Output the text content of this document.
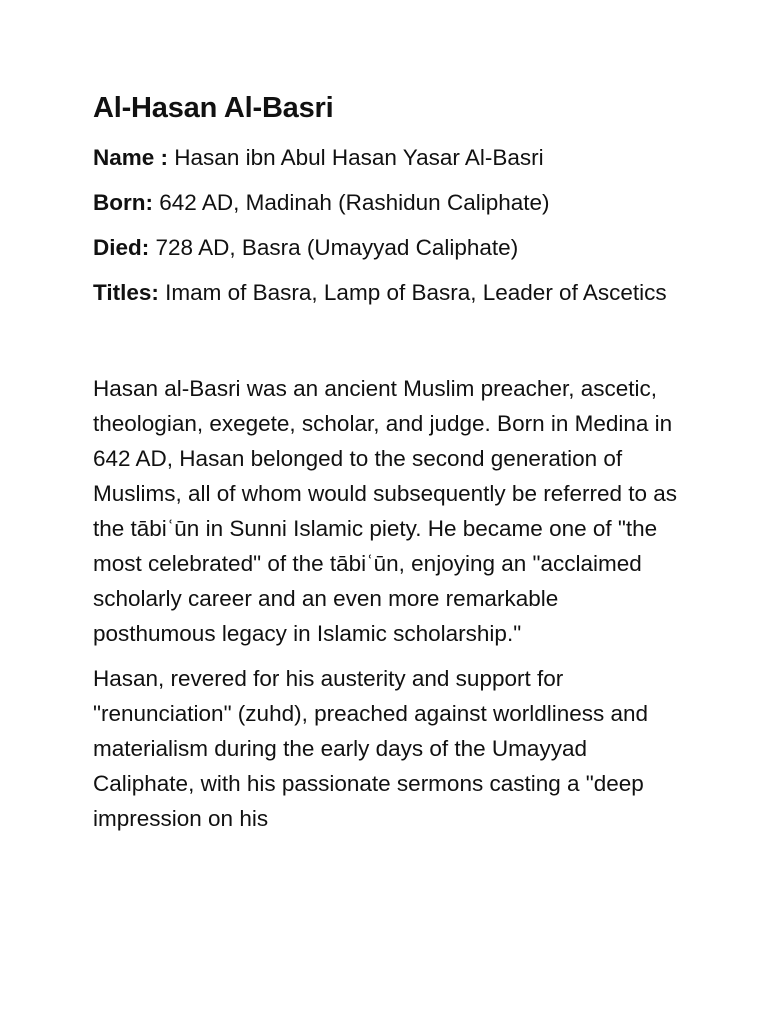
Al-Hasan Al-Basri
Name : Hasan ibn Abul Hasan Yasar Al-Basri
Born: 642 AD, Madinah (Rashidun Caliphate)
Died: 728 AD, Basra (Umayyad Caliphate)
Titles: Imam of Basra, Lamp of Basra, Leader of Ascetics

Hasan al-Basri was an ancient Muslim preacher, ascetic, theologian, exegete, scholar, and judge. Born in Medina in 642 AD, Hasan belonged to the second generation of Muslims, all of whom would subsequently be referred to as the tābiʿūn in Sunni Islamic piety. He became one of "the most celebrated" of the tābiʿūn, enjoying an "acclaimed scholarly career and an even more remarkable posthumous legacy in Islamic scholarship."

Hasan, revered for his austerity and support for "renunciation" (zuhd), preached against worldliness and materialism during the early days of the Umayyad Caliphate, with his passionate sermons casting a "deep impression on his
